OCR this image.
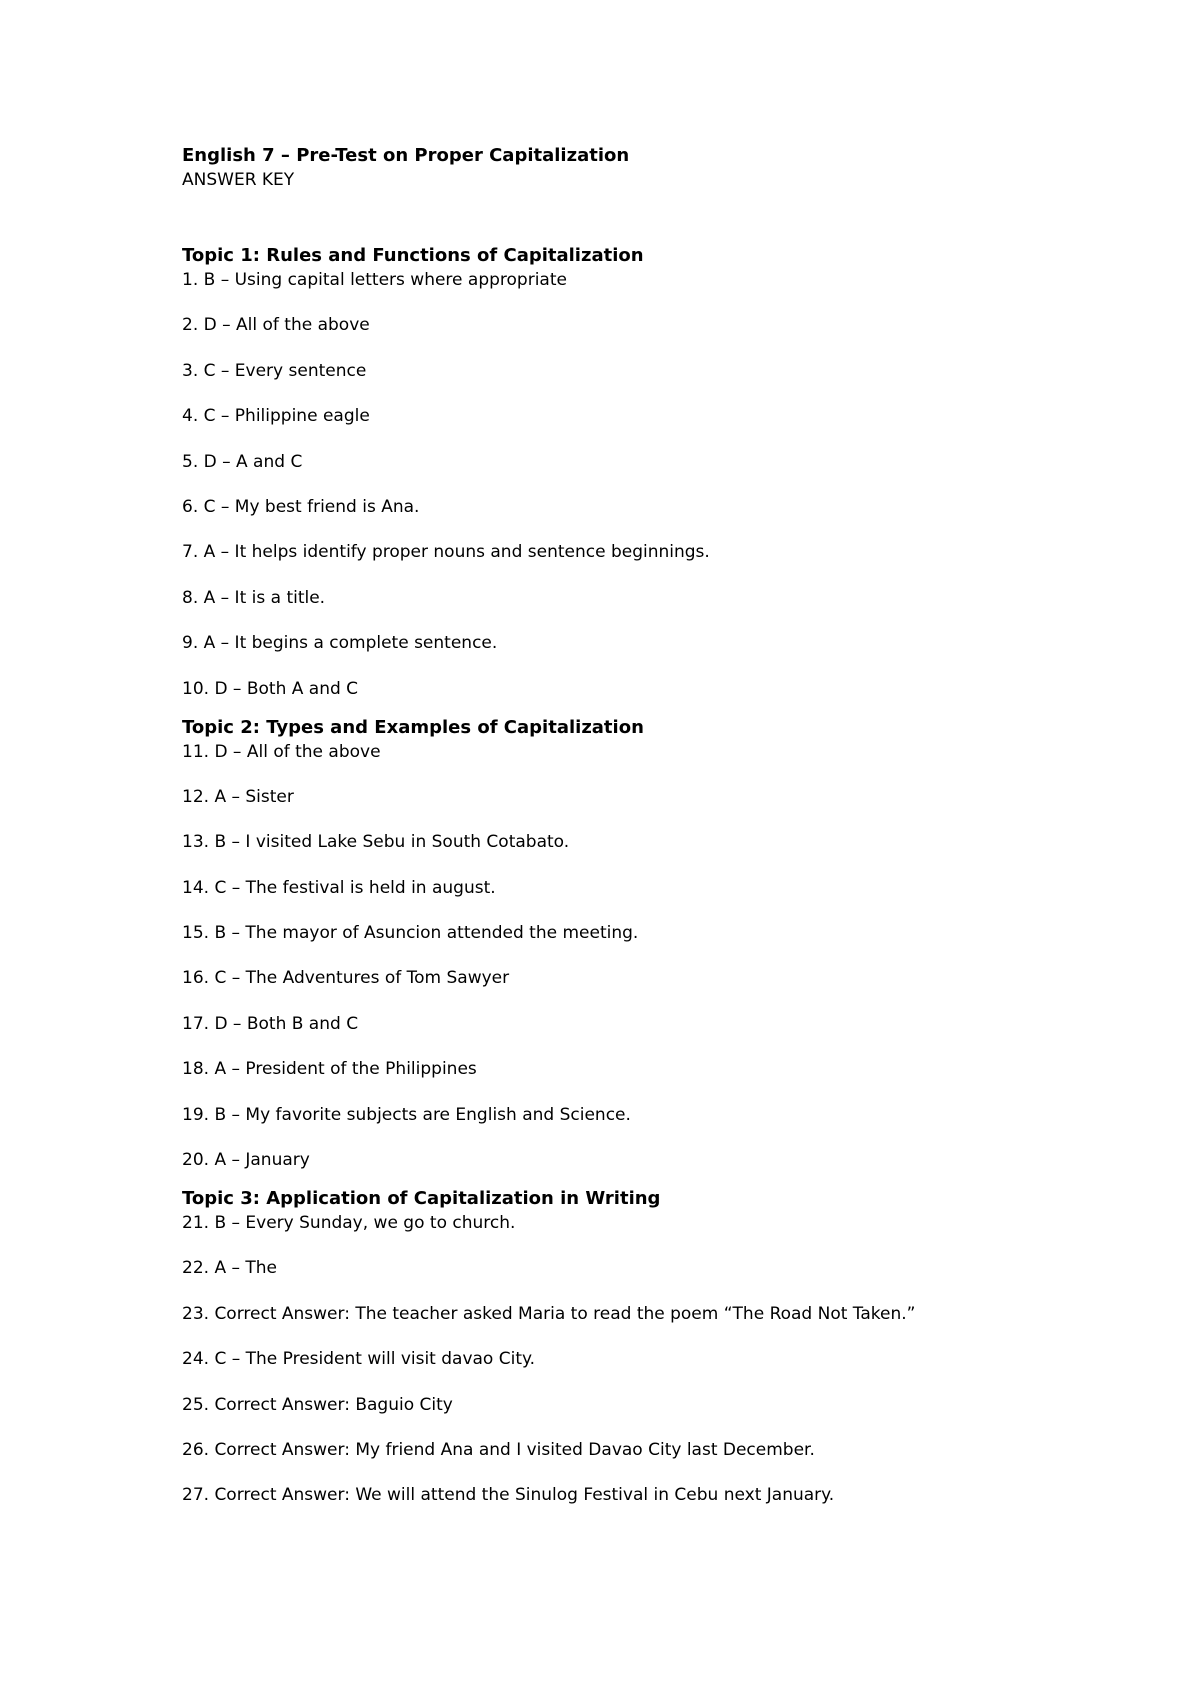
English 7 – Pre-Test on Proper Capitalization

ANSWER KEY

Topic 1: Rules and Functions of Capitalization

1. B – Using capital letters where appropriate
2. D – All of the above
3. C – Every sentence
4. C – Philippine eagle
5. D – A and C
6. C – My best friend is Ana.
7. A – It helps identify proper nouns and sentence beginnings.
8. A – It is a title.
9. A – It begins a complete sentence.
10. D – Both A and C

Topic 2: Types and Examples of Capitalization

11. D – All of the above
12. A – Sister
13. B – I visited Lake Sebu in South Cotabato.
14. C – The festival is held in august.
15. B – The mayor of Asuncion attended the meeting.
16. C – The Adventures of Tom Sawyer
17. D – Both B and C
18. A – President of the Philippines
19. B – My favorite subjects are English and Science.
20. A – January

Topic 3: Application of Capitalization in Writing

21. B – Every Sunday, we go to church.
22. A – The
23. Correct Answer: The teacher asked Maria to read the poem “The Road Not Taken.”
24. C – The President will visit davao City.
25. Correct Answer: Baguio City
26. Correct Answer: My friend Ana and I visited Davao City last December.
27. Correct Answer: We will attend the Sinulog Festival in Cebu next January.
